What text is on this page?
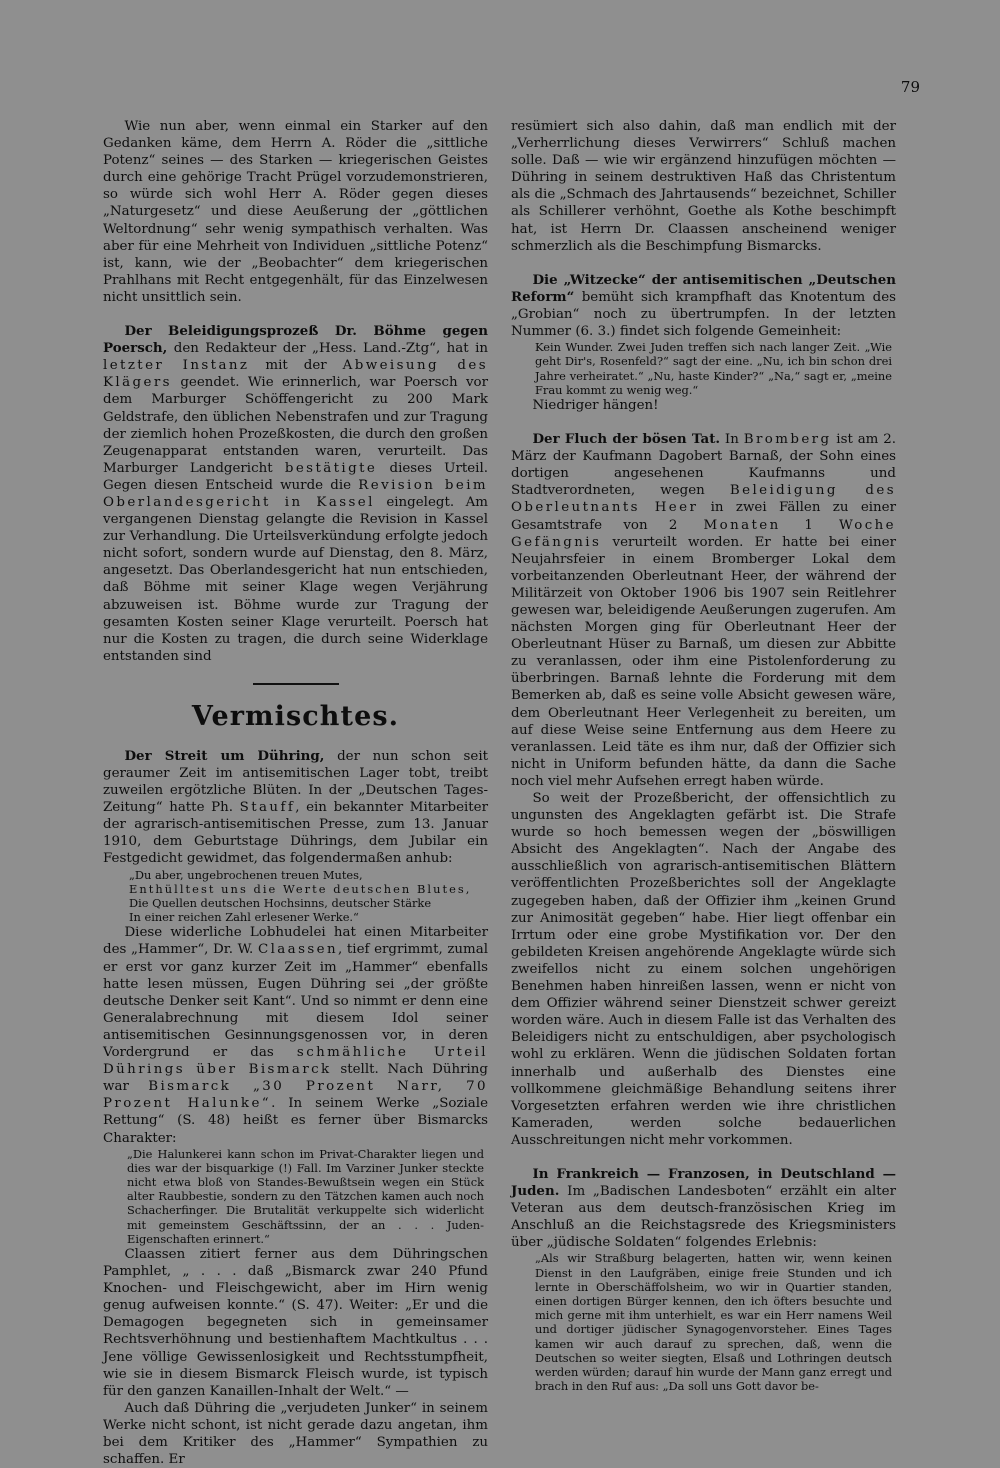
79

Wie nun aber, wenn einmal ein Starker auf den Gedanken käme, dem Herrn A. Röder die „sittliche Potenz“ seines — des Starken — kriegerischen Geistes durch eine gehörige Tracht Prügel vorzudemonstrieren, so würde sich wohl Herr A. Röder gegen dieses „Naturgesetz“ und diese Aeußerung der „göttlichen Weltordnung“ sehr wenig sympathisch verhalten. Was aber für eine Mehrheit von Individuen „sittliche Potenz“ ist, kann, wie der „Beobachter“ dem kriegerischen Prahlhans mit Recht entgegenhält, für das Einzelwesen nicht unsittlich sein.

Der Beleidigungsprozeß Dr. Böhme gegen Poersch, den Redakteur der „Hess. Land.-Ztg“, hat in letzter Instanz mit der Abweisung des Klägers geendet. Wie erinnerlich, war Poersch vor dem Marburger Schöffengericht zu 200 Mark Geldstrafe, den üblichen Nebenstrafen und zur Tragung der ziemlich hohen Prozeßkosten, die durch den großen Zeugenapparat entstanden waren, verurteilt. Das Marburger Landgericht bestätigte dieses Urteil. Gegen diesen Entscheid wurde die Revision beim Oberlandesgericht in Kassel eingelegt. Am vergangenen Dienstag gelangte die Revision in Kassel zur Verhandlung. Die Urteilsverkündung erfolgte jedoch nicht sofort, sondern wurde auf Dienstag, den 8. März, angesetzt. Das Oberlandesgericht hat nun entschieden, daß Böhme mit seiner Klage wegen Verjährung abzuweisen ist. Böhme wurde zur Tragung der gesamten Kosten seiner Klage verurteilt. Poersch hat nur die Kosten zu tragen, die durch seine Widerklage entstanden sind

Vermischtes.

Der Streit um Dühring, der nun schon seit geraumer Zeit im antisemitischen Lager tobt, treibt zuweilen ergötzliche Blüten. In der „Deutschen Tages-Zeitung“ hatte Ph. Stauff, ein bekannter Mitarbeiter der agrarisch-antisemitischen Presse, zum 13. Januar 1910, dem Geburtstage Dührings, dem Jubilar ein Festgedicht gewidmet, das folgendermaßen anhub:

„Du aber, ungebrochenen treuen Mutes,
Enthülltest uns die Werte deutschen Blutes,
Die Quellen deutschen Hochsinns, deutscher Stärke
In einer reichen Zahl erlesener Werke.“

Diese widerliche Lobhudelei hat einen Mitarbeiter des „Hammer“, Dr. W. Claassen, tief ergrimmt, zumal er erst vor ganz kurzer Zeit im „Hammer“ ebenfalls hatte lesen müssen, Eugen Dühring sei „der größte deutsche Denker seit Kant“. Und so nimmt er denn eine Generalabrechnung mit diesem Idol seiner antisemitischen Gesinnungsgenossen vor, in deren Vordergrund er das schmähliche Urteil Dührings über Bismarck stellt. Nach Dühring war Bismarck „30 Prozent Narr, 70 Prozent Halunke“. In seinem Werke „Soziale Rettung“ (S. 48) heißt es ferner über Bismarcks Charakter:

„Die Halunkerei kann schon im Privat-Charakter liegen und dies war der bisquarkige (!) Fall. Im Varziner Junker steckte nicht etwa bloß von Standes-Bewußtsein wegen ein Stück alter Raubbestie, sondern zu den Tätzchen kamen auch noch Schacherfinger. Die Brutalität verkuppelte sich widerlicht mit gemeinstem Geschäftssinn, der an . . . Juden-Eigenschaften erinnert.“

Claassen zitiert ferner aus dem Dühringschen Pamphlet, „ . . . daß „Bismarck zwar 240 Pfund Knochen- und Fleischgewicht, aber im Hirn wenig genug aufweisen konnte.“ (S. 47). Weiter: „Er und die Demagogen begegneten sich in gemeinsamer Rechtsverhöhnung und bestienhaftem Machtkultus . . . Jene völlige Gewissenlosigkeit und Rechtsstumpfheit, wie sie in diesem Bismarck Fleisch wurde, ist typisch für den ganzen Kanaillen-Inhalt der Welt.“ —

Auch daß Dühring die „verjudeten Junker“ in seinem Werke nicht schont, ist nicht gerade dazu angetan, ihm bei dem Kritiker des „Hammer“ Sympathien zu schaffen. Er

resümiert sich also dahin, daß man endlich mit der „Verherrlichung dieses Verwirrers“ Schluß machen solle. Daß — wie wir ergänzend hinzufügen möchten — Dühring in seinem destruktiven Haß das Christentum als die „Schmach des Jahrtausends“ bezeichnet, Schiller als Schillerer verhöhnt, Goethe als Kothe beschimpft hat, ist Herrn Dr. Claassen anscheinend weniger schmerzlich als die Beschimpfung Bismarcks.

Die „Witzecke“ der antisemitischen „Deutschen Reform“ bemüht sich krampfhaft das Knotentum des „Grobian“ noch zu übertrumpfen. In der letzten Nummer (6. 3.) findet sich folgende Gemeinheit:

Kein Wunder. Zwei Juden treffen sich nach langer Zeit. „Wie geht Dir's, Rosenfeld?“ sagt der eine. „Nu, ich bin schon drei Jahre verheiratet.“ „Nu, haste Kinder?“ „Na,“ sagt er, „meine Frau kommt zu wenig weg.“

Niedriger hängen!

Der Fluch der bösen Tat. In Bromberg ist am 2. März der Kaufmann Dagobert Barnaß, der Sohn eines dortigen angesehenen Kaufmanns und Stadtverordneten, wegen Beleidigung des Oberleutnants Heer in zwei Fällen zu einer Gesamtstrafe von 2 Monaten 1 Woche Gefängnis verurteilt worden. Er hatte bei einer Neujahrsfeier in einem Bromberger Lokal dem vorbeitanzenden Oberleutnant Heer, der während der Militärzeit von Oktober 1906 bis 1907 sein Reitlehrer gewesen war, beleidigende Aeußerungen zugerufen. Am nächsten Morgen ging für Oberleutnant Heer der Oberleutnant Hüser zu Barnaß, um diesen zur Abbitte zu veranlassen, oder ihm eine Pistolenforderung zu überbringen. Barnaß lehnte die Forderung mit dem Bemerken ab, daß es seine volle Absicht gewesen wäre, dem Oberleutnant Heer Verlegenheit zu bereiten, um auf diese Weise seine Entfernung aus dem Heere zu veranlassen. Leid täte es ihm nur, daß der Offizier sich nicht in Uniform befunden hätte, da dann die Sache noch viel mehr Aufsehen erregt haben würde.

So weit der Prozeßbericht, der offensichtlich zu ungunsten des Angeklagten gefärbt ist. Die Strafe wurde so hoch bemessen wegen der „böswilligen Absicht des Angeklagten“. Nach der Angabe des ausschließlich von agrarisch-antisemitischen Blättern veröffentlichten Prozeßberichtes soll der Angeklagte zugegeben haben, daß der Offizier ihm „keinen Grund zur Animosität gegeben“ habe. Hier liegt offenbar ein Irrtum oder eine grobe Mystifikation vor. Der den gebildeten Kreisen angehörende Angeklagte würde sich zweifellos nicht zu einem solchen ungehörigen Benehmen haben hinreißen lassen, wenn er nicht von dem Offizier während seiner Dienstzeit schwer gereizt worden wäre. Auch in diesem Falle ist das Verhalten des Beleidigers nicht zu entschuldigen, aber psychologisch wohl zu erklären. Wenn die jüdischen Soldaten fortan innerhalb und außerhalb des Dienstes eine vollkommene gleichmäßige Behandlung seitens ihrer Vorgesetzten erfahren werden wie ihre christlichen Kameraden, werden solche bedauerlichen Ausschreitungen nicht mehr vorkommen.

In Frankreich — Franzosen, in Deutschland — Juden. Im „Badischen Landesboten“ erzählt ein alter Veteran aus dem deutsch-französischen Krieg im Anschluß an die Reichstagsrede des Kriegsministers über „jüdische Soldaten“ folgendes Erlebnis:

„Als wir Straßburg belagerten, hatten wir, wenn keinen Dienst in den Laufgräben, einige freie Stunden und ich lernte in Oberschäffolsheim, wo wir in Quartier standen, einen dortigen Bürger kennen, den ich öfters besuchte und mich gerne mit ihm unterhielt, es war ein Herr namens Weil und dortiger jüdischer Synagogenvorsteher. Eines Tages kamen wir auch darauf zu sprechen, daß, wenn die Deutschen so weiter siegten, Elsaß und Lothringen deutsch werden würden; darauf hin wurde der Mann ganz erregt und brach in den Ruf aus: „Da soll uns Gott davor be-
